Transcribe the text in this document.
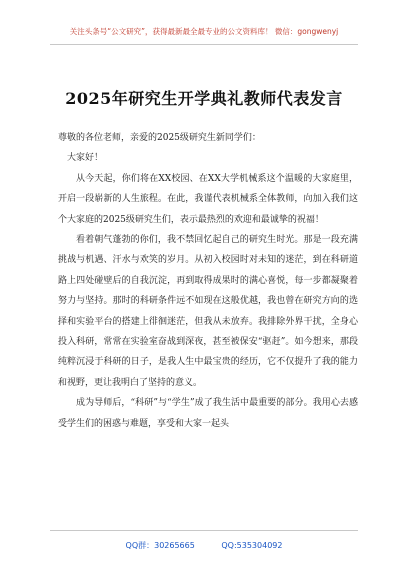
关注头条号“公文研究”，获得最新最全最专业的公文资料库！ 微信：gongwenyj
2025年研究生开学典礼教师代表发言

尊敬的各位老师，亲爱的2025级研究生新同学们：

大家好！

从今天起，你们将在XX校园、在XX大学机械系这个温暖的大家庭里，开启一段崭新的人生旅程。在此，我谨代表机械系全体教师，向加入我们这个大家庭的2025级研究生们，表示最热烈的欢迎和最诚挚的祝福！

看着朝气蓬勃的你们，我不禁回忆起自己的研究生时光。那是一段充满挑战与机遇、汗水与欢笑的岁月。从初入校园时对未知的迷茫，到在科研道路上四处碰壁后的自我沉淀，再到取得成果时的满心喜悦，每一步都凝聚着努力与坚持。那时的科研条件远不如现在这般优越，我也曾在研究方向的选择和实验平台的搭建上徘徊迷茫，但我从未放弃。我排除外界干扰，全身心投入科研，常常在实验室奋战到深夜，甚至被保安“驱赶”。如今想来，那段纯粹沉浸于科研的日子，是我人生中最宝贵的经历，它不仅提升了我的能力和视野，更让我明白了坚持的意义。

成为导师后，“科研”与“学生”成了我生活中最重要的部分。我用心去感受学生们的困惑与难题，享受和大家一起头

QQ群：30265665	QQ:535304092
